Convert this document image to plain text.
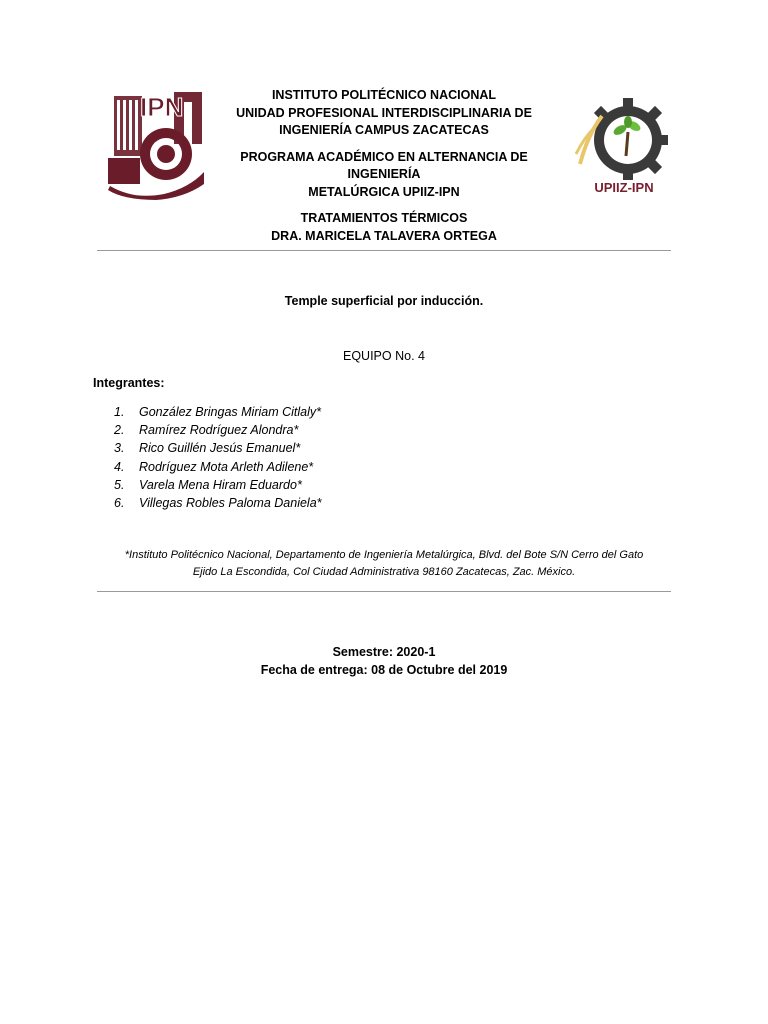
IPN
UPIIZ-IPN

INSTITUTO POLITÉCNICO NACIONAL

UNIDAD PROFESIONAL INTERDISCIPLINARIA DE

INGENIERÍA CAMPUS ZACATECAS

PROGRAMA ACADÉMICO EN ALTERNANCIA DE INGENIERÍA

METALÚRGICA UPIIZ-IPN

TRATAMIENTOS TÉRMICOS

DRA. MARICELA TALAVERA ORTEGA

Temple superficial por inducción.
EQUIPO No. 4
Integrantes:
1. González Bringas Miriam Citlaly*
2. Ramírez Rodríguez Alondra*
3. Rico Guillén Jesús Emanuel*
4. Rodríguez Mota Arleth Adilene*
5. Varela Mena Hiram Eduardo*
6. Villegas Robles Paloma Daniela*
*Instituto Politécnico Nacional, Departamento de Ingeniería Metalúrgica, Blvd. del Bote S/N Cerro del Gato
Ejido La Escondida, Col Ciudad Administrativa 98160 Zacatecas, Zac. México.
Semestre: 2020-1
Fecha de entrega: 08 de Octubre del 2019
